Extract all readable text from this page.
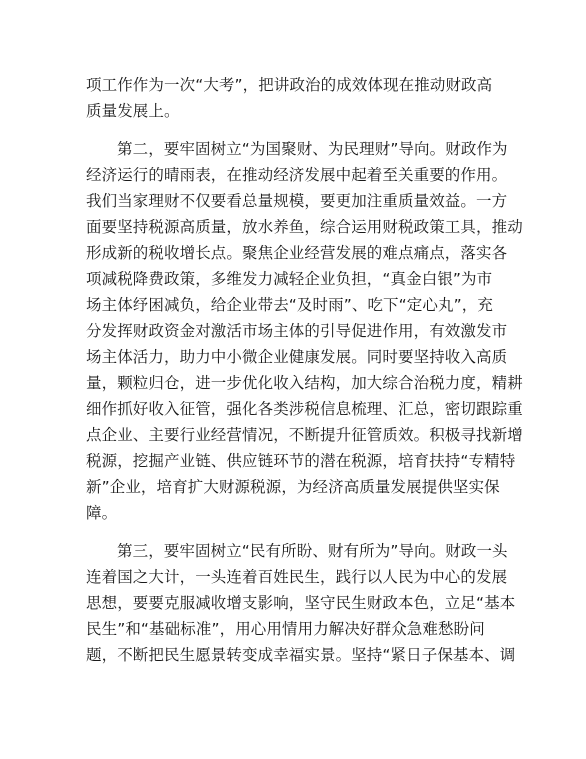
项工作作为一次“大考”，把讲政治的成效体现在推动财政高
质量发展上。
第二，要牢固树立“为国聚财、为民理财”导向。财政作为
经济运行的晴雨表，在推动经济发展中起着至关重要的作用。
我们当家理财不仅要看总量规模，要更加注重质量效益。一方
面要坚持税源高质量，放水养鱼，综合运用财税政策工具，推动
形成新的税收增长点。聚焦企业经营发展的难点痛点，落实各
项减税降费政策，多维发力减轻企业负担，“真金白银”为市
场主体纾困减负，给企业带去“及时雨”、吃下“定心丸”，充
分发挥财政资金对激活市场主体的引导促进作用，有效激发市
场主体活力，助力中小微企业健康发展。同时要坚持收入高质
量，颗粒归仓，进一步优化收入结构，加大综合治税力度，精耕
细作抓好收入征管，强化各类涉税信息梳理、汇总，密切跟踪重
点企业、主要行业经营情况，不断提升征管质效。积极寻找新增
税源，挖掘产业链、供应链环节的潜在税源，培育扶持“专精特
新”企业，培育扩大财源税源，为经济高质量发展提供坚实保
障。
第三，要牢固树立“民有所盼、财有所为”导向。财政一头
连着国之大计，一头连着百姓民生，践行以人民为中心的发展
思想，要要克服减收增支影响，坚守民生财政本色，立足“基本
民生”和“基础标准”，用心用情用力解决好群众急难愁盼问
题，不断把民生愿景转变成幸福实景。坚持“紧日子保基本、调
